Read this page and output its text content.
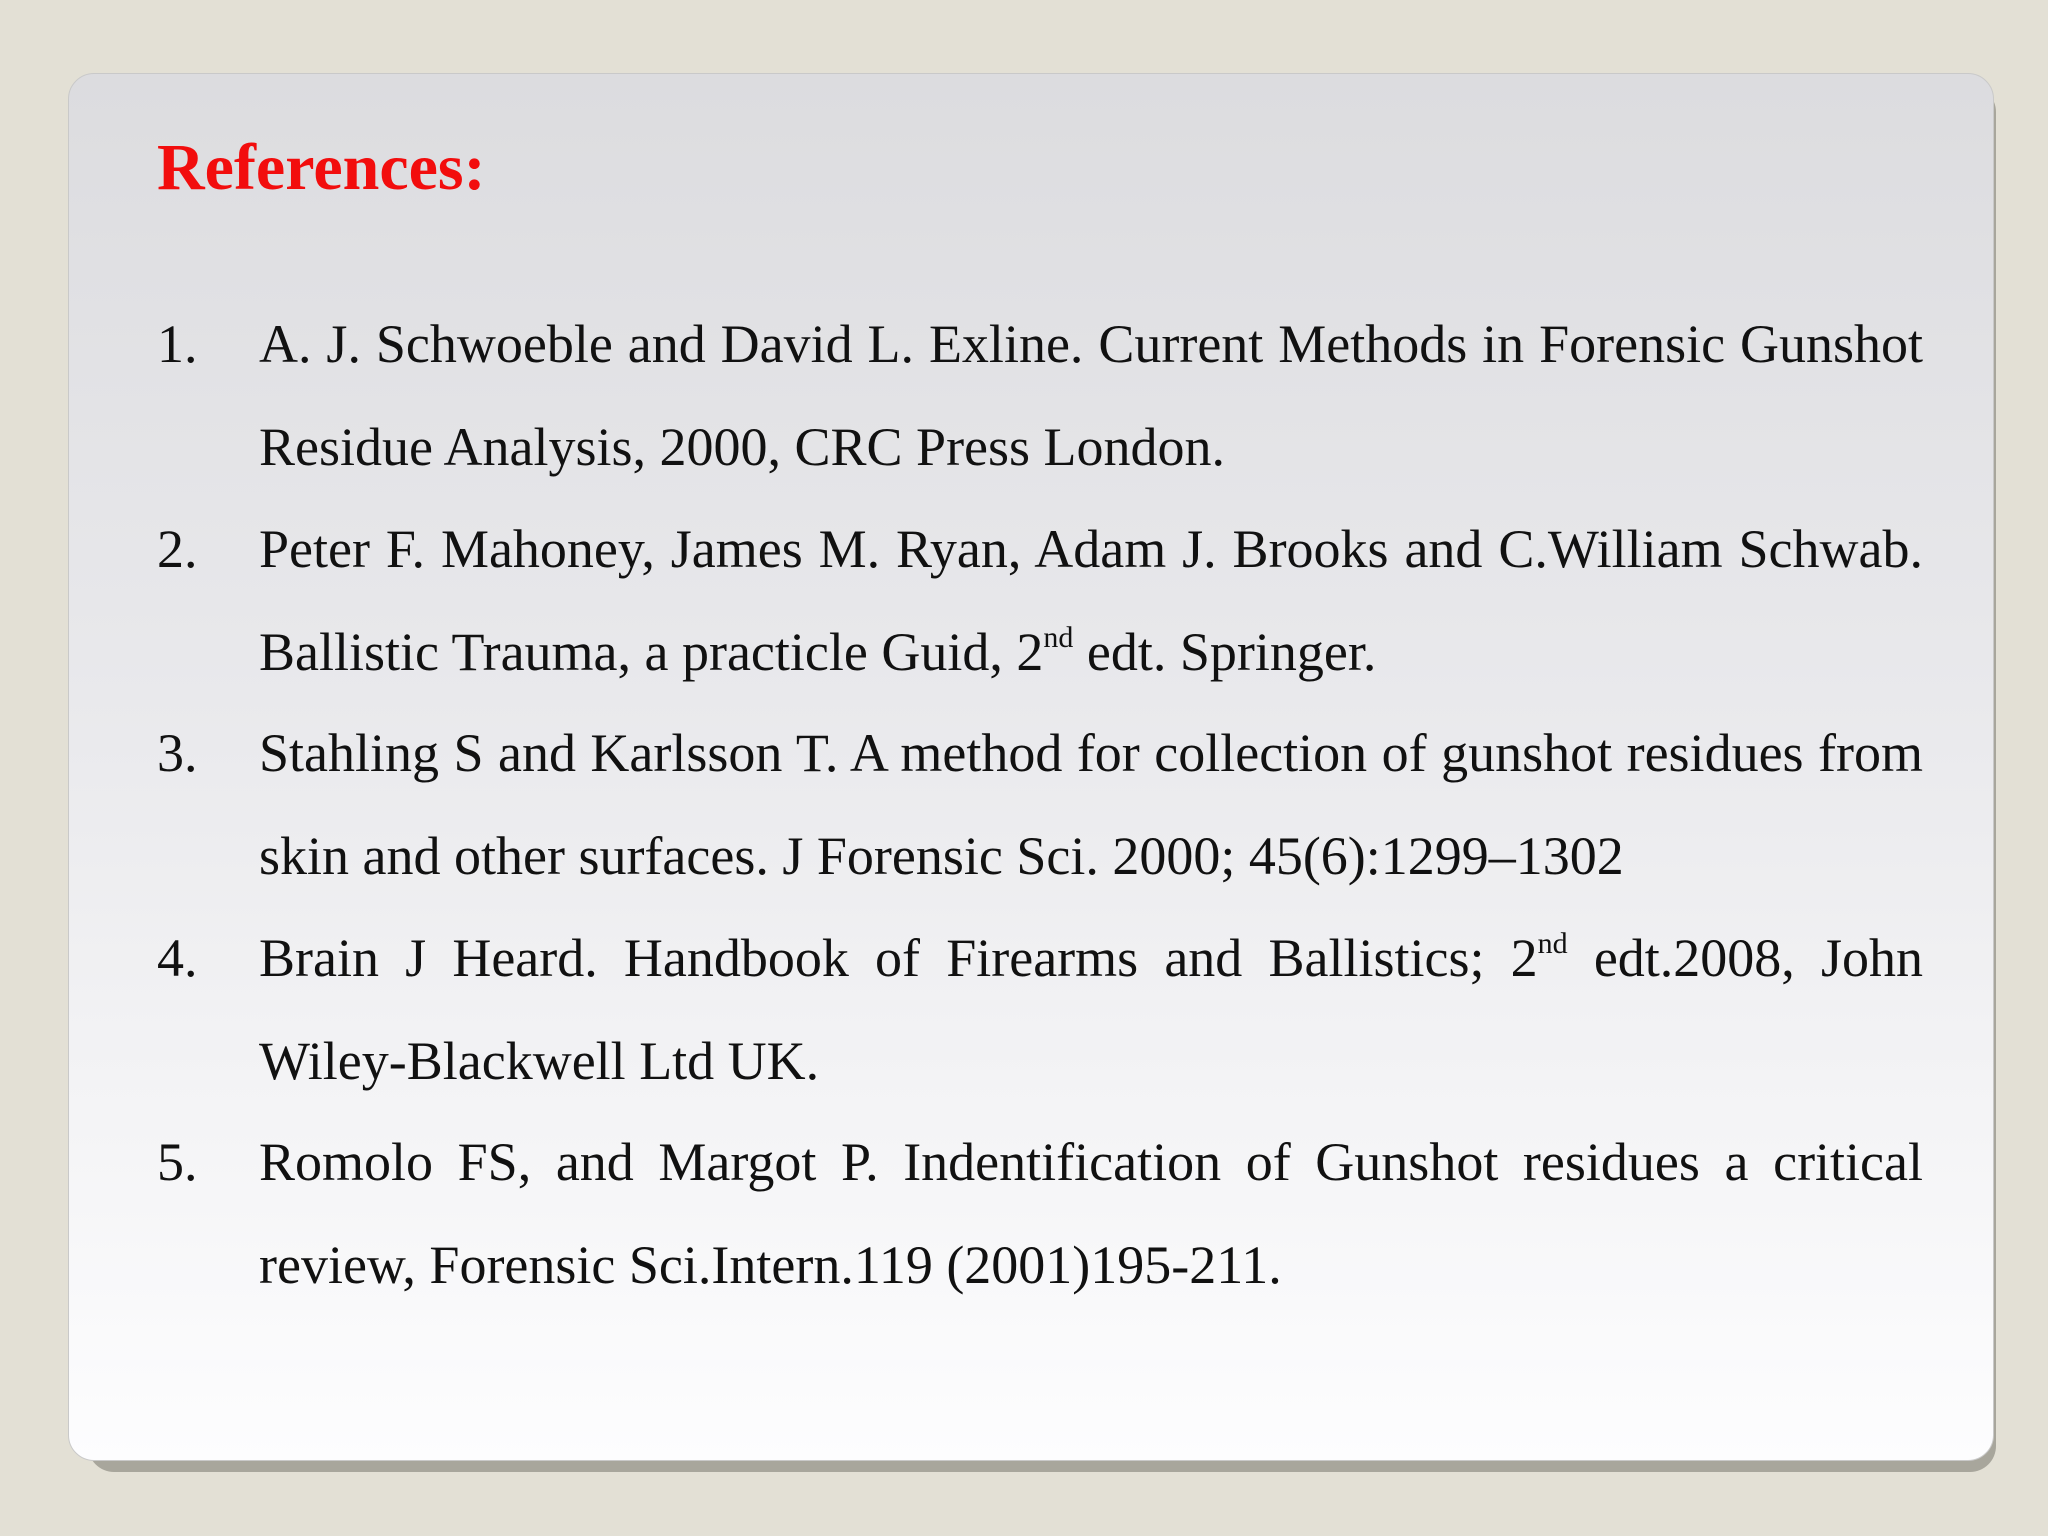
References:
1. A. J. Schwoeble and David L. Exline. Current Methods in Forensic Gunshot Residue Analysis, 2000, CRC Press London.
2. Peter F. Mahoney, James M. Ryan, Adam J. Brooks and C.William Schwab. Ballistic Trauma, a practicle Guid, 2nd edt. Springer.
3. Stahling S and Karlsson T. A method for collection of gunshot residues from skin and other surfaces. J Forensic Sci. 2000; 45(6):1299–1302
4. Brain J Heard. Handbook of Firearms and Ballistics; 2nd edt.2008, John Wiley-Blackwell Ltd UK.
5. Romolo FS, and Margot P. Indentification of Gunshot residues a critical review, Forensic Sci.Intern.119 (2001)195-211.
